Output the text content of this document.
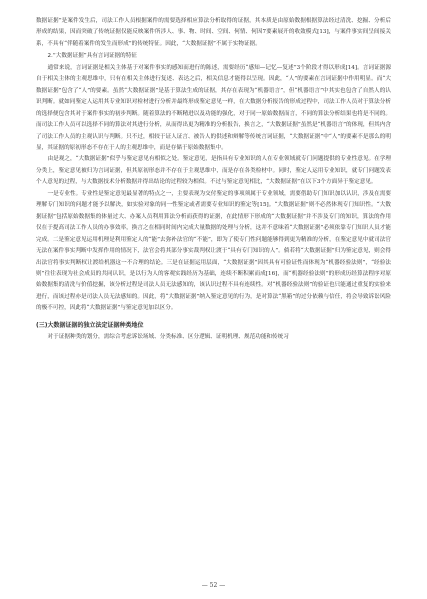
数据证据”是案件发生后，司法工作人员根据案件的需要选择相应算法分析取得的证据，其本质是由原始数据根据算法经过清洗、挖掘、分析后形成的结果，因而突破了传统证据仅能反映案件所涉人、事、物、时间、空间、何情、何因7要素展开的收敛模式[13]，与案件事实间呈间接关系，不具有“伴随着案件的发生而形成”的传统特征。因此，“大数据证据”不属于实物证据。

2.“大数据证据”具有言词证据的特征

通常来说，言词证据是相关主体基于对案件事实的感知而进行的陈述，需要经历“感知—记忆—复述”3个阶段才得以形成[14]。言词证据源自于相关主体的主观思维中，只有在相关主体进行复述、表达之后，相关信息才能得以呈现。因此，“人”的要素在言词证据中作用明显。而“大数据证据”包含了“人”的要素。虽然“大数据证据”是基于算法生成的证据，其存在表现为“机器语言”，但“机器语言”中其实也包含了自然人的认识判断。就如同鉴定人运用其专业知识对检材进行分析并最终形成鉴定意见一样，在大数据分析报告的形成过程中，司法工作人员对于算法分析的选择便包含其对于案件事实的初步判断。随着算法的不断精进以及功能的强化，对于同一原始数据而言，不同的算法分析结果也将是不同的。而司法工作人员可以选择不同的算法对其进行分析，从而得出更为精准的分析报告，换言之，“大数据证据”虽然是“机器语言”的体现，但其内含了司法工作人员的主观认识与判断。只不过，相较于证人证言、被告人的供述和辩解等传统言词证据，“大数据证据”中“人”的要素不是那么的明显，其证据的原初形态不存在于人的主观思维中，而是存储于原始数据集中。

由是观之，“大数据证据”似乎与鉴定意见有相似之处。鉴定意见，是指具有专业知识的人在专业领域就专门问题提供的专业性意见。在学理分类上，鉴定意见被归为言词证据，但其原初形态并不存在于主观思维中，而是存在各类检材中。同时，鉴定人运用专业知识，就专门问题发表个人意见的过程，与大数据技术分析数据并得出结论的过程较为相似。不过与鉴定意见相比，“大数据证据”在以下3个方面异于鉴定意见。

一是专业性。专业性是鉴定意见最显著的特点之一，主要表现为交付鉴定的事项须属于专业领域，需要借助专门知识加以认识，涉及在需要理解专门知识的问题才能予以解决，如实验对象的同一性鉴定或者需要专业知识的鉴定等[15]。“大数据证据”则不必然体现专门知识性。“大数据证据”包括原始数据集的体量过大、办案人员利用算法分析而获得的证据，在此情形下形成的“大数据证据”并不涉及专门的知识，算法的作用仅在于提高司法工作人员的办事效率，换言之在相同时间内完成大量数据的处理与分析，这并不意味着“大数据证据”必须依靠专门知识人员才能完成。二是鉴定意见运用机理是利用鉴定人的“能”去弥补法官的“不能”，即为了使专门性问题能够得到更为精准的分析，在鉴定意见中就司法官无法在案件事实判断中发挥作用的情况下，法官会将其部分事实裁判权让渡于“具有专门知识的人”。倘若将“大数据证据”归为鉴定意见，则会得出法官将事实判断权让渡给机器这一不合理的结论。三是在证据运用层面，“大数据证据”因其具有可验证性而体现为“机器经验法则”，“经验法则”往往表现为社会成员的共同认识，是以行为人的客观实践经历为基础，连续不断积累而成[16]，而“机器经验法则”的形成历经算法程序对原始数据集的清洗与价值挖掘，该分析过程是司法人员无法感知的，该认识过程不具有连续性。对“机器经验法则”的验证也只能通过重复的实验来进行，而该过程亦是司法人员无法感知的。因此，将“大数据证据”纳入鉴定意见的行为，是对算法“黑箱”的过分依赖与信任，将会导致诉讼风险的极不可控，因此将“大数据证据”与鉴定意见加以区分。

(三)大数据证据的独立法定证据种类地位

对于证据种类的划分，需综合考虑诉讼场域、分类标准、区分逻辑、证明机理、规范功能和传统习

— 52 —
